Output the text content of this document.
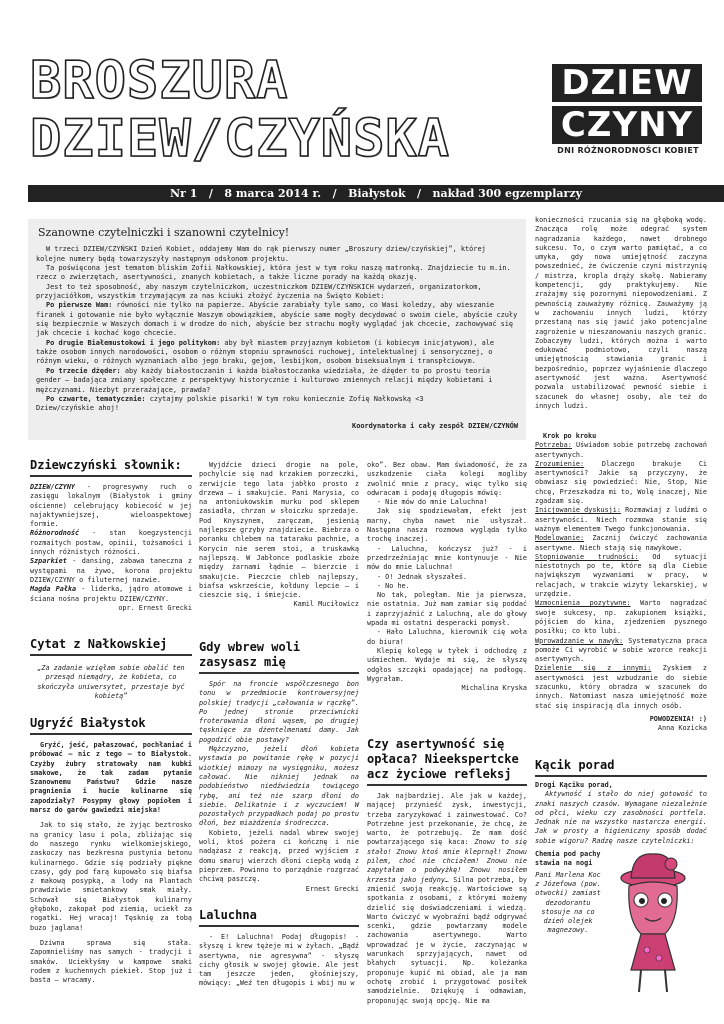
BROSZURA
DZIEW/CZYŃSKA
DZIEW
CZYNY
DNI RÓŻNORODNOŚCI KOBIET
Nr 1   /   8 marca 2014 r.   /   Białystok   /   nakład 300 egzemplarzy
Szanowne czytelniczki i szanowni czytelnicy!

W trzeci DZIEW/CZYŃSKI Dzień Kobiet, oddajemy Wam do rąk pierwszy numer „Broszury dziew/czyńskiej”, której kolejne numery będą towarzyszyły następnym odsłonom projektu.

Ta poświęcona jest tematom bliskim Zofii Nałkowskiej, która jest w tym roku naszą matronką. Znajdziecie tu m.in. rzecz o zwierzętach, asertywności, znanych kobietach, a także liczne porady na każdą okazję.

Jest to też sposobność, aby naszym czytelniczkom, uczestniczkom DZIEW/CZYŃSKICH wydarzeń, organizatorkom, przyjaciółkom, wszystkim trzymającym za nas kciuki złożyć życzenia na Święto Kobiet:

Po pierwsze Wam: równości nie tylko na papierze. Abyście zarabiały tyle samo, co Wasi koledzy, aby wieszanie firanek i gotowanie nie było wyłącznie Waszym obowiązkiem, abyście same mogły decydować o swoim ciele, abyście czuły się bezpiecznie w Waszych domach i w drodze do nich, abyście bez strachu mogły wyglądać jak chcecie, zachowywać się jak chcecie i kochać kogo chcecie.

Po drugie Białemustokowi i jego politykom: aby był miastem przyjaznym kobietom (i kobiecym inicjatywom), ale także osobom innych narodowości, osobom o różnym stopniu sprawności ruchowej, intelektualnej i sensorycznej, o różnym wieku, o różnych wyznaniach albo jego braku, gejom, lesbijkom, osobom biseksualnym i transpłciowym.

Po trzecie dżęder: aby każdy białostoczanin i każda białostoczanka wiedziała, że dżęder to po prostu teoria gender – badająca zmiany społeczne z perspektywy historycznie i kulturowo zmiennych relacji między kobietami i mężczyznami. Niezbyt przerażające, prawda?

Po czwarte, tematycznie: czytajmy polskie pisarki! W tym roku koniecznie Zofię Nałkowską <3

Dziew/czyńskie ahoj!
Koordynatorka i cały zespół DZIEW/CZYNÓW

konieczności rzucania się na głęboką wodę. Znacząca rolę może odegrać system nagradzania każdego, nawet drobnego sukcesu. To, o czym warto pamiętać, a co umyka, gdy nowa umiejętność zaczyna powszednieć, że ćwiczenie czyni mistrzynię / mistrza, kropla drąży skałę. Nabieramy kompetencji, gdy praktykujemy. Nie zrażajmy się pozornymi niepowodzeniami. Z pewnością zauważymy różnicę. Zauważymy ją w zachowaniu innych ludzi, którzy przestaną nas się jawić jako potencjalne zagrożenie w nieszanowaniu naszych granic. Zobaczymy ludzi, których można i warto edukować podmiotowo, czyli naszą umiejętnością stawiania granic i bezpośrednio, poprzez wyjaśnienie dlaczego asertywność jest ważna. Asertywność pozwala ustabilizować pewność siebie i szacunek do własnej osoby, ale też do innych ludzi.

Krok po kroku

Potrzeba: Uświadom sobie potrzebę zachowań asertywnych.

Zrozumienie: Dlaczego brakuje Ci asertywności? Jakie są przyczyny, że obawiasz się powiedzieć: Nie, Stop, Nie chcę, Przeszkadza mi to, Wolę inaczej, Nie zgadzam się.

Inicjowanie dyskusji: Rozmawiaj z ludźmi o asertywności. Niech rozmowa stanie się ważnym elementem Twego funkcjonowania.

Modelowanie: Zacznij ćwiczyć zachowania asertywne. Niech stają się nawykowe.

Stopniowanie trudności: Od sytuacji niestotnych po te, które są dla Ciebie największym wyzwaniami w pracy, w relacjach, w trakcie wizyty lekarskiej, w urzędzie.

Wzmocnienia pozytywne: Warto nagradzać swoje sukcesy, np. zakupionem książki, pójściem do kina, zjedzeniem pysznego posiłku; co kto lubi.

Wprowadzanie w nawyk: Systematyczna praca pomoże Ci wyrobić w sobie wzorce reakcji asertywnych.

Dzielenie się z innymi: Zyskiem z asertywności jest wzbudzanie do siebie szacunku, który obradza w szacunek do innych. Natomiast nasza umiejętność może stać się inspiracją dla innych osób.

POWODZENIA! :)
Anna Kozicka
Kącik porad
Drogi Kąciku porad,

Aktywność i stało do niej gotowość to znaki naszych czasów. Wymagane niezależnie od płci, wieku czy zasobności portfela. Jednak nie na wszystko nastarcza energii. Jak w prosty a higieniczny sposób dodać sobie wigoru? Radzę nasze czytelniczki:

Chemia pod pachy stawia na nogi

Pani Marlena Koc z Józefowa (pow. otwocki) zamiast dezodorantu stosuje na co dzień olejek magnezowy.

Dziewczyński słownik:

DZIEW/CZYNY - progresywny ruch o zasięgu lokalnym (Białystok i gminy ościenne) celebrujący kobiecość w jej najaktywniejszej, wieloaspektowej formie.

Różnorodność - stan koegzystencji rozmaitych postaw, opinii, tożsamości i innych różnistych różności.

Szparkiet - dansing, zabawa taneczna z występami na żywo, korona projektu DZIEW/CZYNY o filuternej nazwie.

Magda Pałka - liderka, jądro atomowe i ściana nośna projektu DZIEW/CZYNY.

opr. Ernest Grecki
Cytat z Nałkowskiej

„Za zadanie wzięłam sobie obalić ten przesąd niemądry, że kobieta, co skończyła uniwersytet, przestaje być kobietą”

Ugryźć Białystok

Gryźć, jeść, pałaszować, pochłaniać i próbować – nic z tego – to Białystok. Czyżby żubry stratowały nam kubki smakowe, że tak zadam pytanie Szanownemu Państwu? Gdzie nasze pragnienia i hucie kulinarne się zapodziały? Posypmy głowy popiołem i marsz do garów gawiedzi miejska!

Jak to się stało, że żyjąc beztrosko na granicy lasu i pola, zbliżając się do naszego rynku wielkomiejskiego, zaskoczy nas bezkresna pustynia betonu kulinarnego. Gdzie się podziały piękne czasy, gdy pod farą kupowało się biafsa z makową posypką, a lody na Plantach prawdziwie smietankowy smak miały. Schował się Białystok kulinarny głęboko, zakopał pod ziemią, uciekł za rogatki. Hej wracaj! Tęsknię za tobą buzo jaglana!

Dziwna sprawa się stała. Zapomnieliśmy nas samych - tradycji i smaków. Uciekłyśmy w kampowe smaki rodem z kuchennych piekieł. Stop już i basta – wracamy.

Wyjdźcie dzieci drogie na pole, pochylcie się nad krzakiem porzeczki, zerwijcie tego lata jabłko prosto z drzewa – i smakujcie. Pani Marysia, co na antoniukowskim murku pod sklepem zasiadła, chrzan w słoiczku sprzedaje. Pod Knyszynem, zaręczam, jesienią najlepsze grzyby znajdziecie. Biebrza o poranku chlebem na tataraku pachnie, a Korycin nie serem stoi, a truskawką najlepszą. W Jabłonce podlaskie zboże między żarnami łądnie – bierzcie i smakujcie. Pieczcie chleb najlepszy, biafsa wskrzeście, kołduny lepcie – i cieszcie się, i śmiejcie.

Kamil Muciłowicz
Gdy wbrew woli zasysasz mię

Spór na froncie współczesnego bon tonu w przedmiocie kontrowersyjnej polskiej tradycji „całowania w rączkę”. Po jednej stronie przeciwnicki froterowania dłoni wąsem, po drugiej tęsknięce za dżentelmenami damy. Jak pogodzić obie postawy?

Mężczyzno, jeżeli dłoń kobieta wystawia po powitanie rękę w pozycji wiotkiej mimozy na wysięgniku, możesz całować. Nie nikniej jednak na podobieństwo niedźwiedzia towiącego rybę, ani też nie szarp dłoni do siebie. Delikatnie i z wyczuciem! W pozostałych przypadkach podaj po prostu dłoń, bez miażdżenia środreczca.

Kobieto, jeżeli nadal wbrew swojej woli, ktoś pożera ci kończnę i nie nadążasz z reakcją, przed wyjściem z domu smaruj wierzch dłoni ciepłą wodą z pieprzem. Powinno to porządnie rozgrzać chciwą paszczę.

Ernest Grecki
Laluchna

- E! Laluchna! Podaj długopis! - słyszę i krew tężeje mi w żyłach. „Bądź asertywna, nie agresywna” - słyszę cichy głosik w swojej głowie. Ale jest tam jeszcze jeden, głośniejszy, mówiący: „Weź ten długopis i wbij mu w

oko”. Bez obaw. Mam świadomość, że za uszkodzenie ciała kolegi mogliby zwolnić mnie z pracy, więc tylko się odwracam i podaję długopis mówię:

- Nie mów do mnie Laluchna!

Jak się spodziewałam, efekt jest marny, chyba nawet nie usłyszał. Następna nasza rozmowa wygląda tylko trochę inaczej.

- Laluchna, kończysz już? - i przedrzeźniając mnie kontynuuje - Nie mów do mnie Laluchna!

- O! Jednak słyszałeś.

- No he.

No tak, poległam. Nie ja pierwsza, nie ostatnia. Już mam zamiar się poddać i zaprzyjaźnić z Laluchną, ale do głowy wpada mi ostatni desperacki pomysł.

- Hało Laluchna, kierownik cię woła do biura!

Klepię kolegę w tyłek i odchodzę z uśmiechem. Wydaje mi się, że słyszę odgłos szczęki opadającej na podłogę. Wygrałam.

Michalina Kryska
Czy asertywność się opłaca? Nieekspertcke acz życiowe refleksj

Jak najbardziej. Ale jak w każdej, mającej przynieść zysk, inwestycji, trzeba zaryzykować i zainwestować. Co? Potrzebne jest przekonanie, że chcę, że warto, że potrzebuję. Że mam dość powtarzającego się kaca: Znowu to się stało! Znowu ktoś mnie kleprnął! Znowu pilem, choć nie chciałem! Znowu nie zapytałam o podwyżkę! Znowu nosiłem krzesta jako jedyny… Silna potrzeba, by zmienić swoją reakcję. Wartościowe są spotkania z osobami, z którymi możemy dzielić się doświadczeniami i wiedzą. Warto ćwiczyć w wyobraźni bądź odgrywać scenki, gdzie powtarzamy modele zachowania asertywnego. Warto wprowadzać je w życie, zaczynając w warunkach sprzyjających, nawet od błahych sytuacji. Np. koleżanka proponuje kupić mi obiad, ale ja mam ochotę zrobić i przygotować posiłek samodzielnie. Dziękuję i odmawiam, proponując swoją opcję. Nie ma
